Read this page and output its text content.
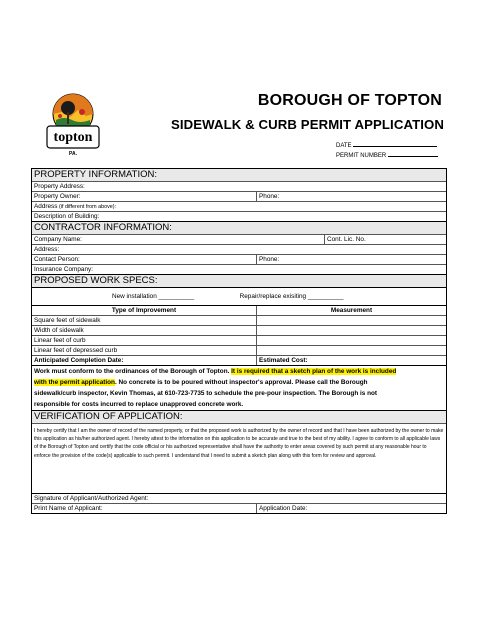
topton
PA.
BOROUGH OF TOPTON
SIDEWALK & CURB PERMIT APPLICATION
DATE
PERMIT NUMBER
PROPERTY INFORMATION:
Property Address:
Property Owner:	Phone:
Address (if different from above):
Description of Building:
CONTRACTOR INFORMATION:
Company Name:	Cont. Lic. No.
Address:
Contact Person:	Phone:
Insurance Company:
PROPOSED WORK SPECS:
New installation __________	Repair/replace exisiting __________
Type of Improvement	Measurement
Square feet of sidewalk
Width of sidewalk
Linear feet of curb
Linear feet of depressed curb
Anticipated Completion Date:	Estimated Cost:
Work must conform to the ordinances of the Borough of Topton. It is required that a sketch plan of the work is included
with the permit application. No concrete is to be poured without inspector's approval. Please call the Borough
sidewalk/curb inspector, Kevin Thomas, at 610-723-7735 to schedule the pre-pour inspection. The Borough is not
responsible for costs incurred to replace unapproved concrete work.
VERIFICATION OF APPLICATION:
I hereby certify that I am the owner of record of the named property, or that the proposed work is authorized by the owner of record and that I have been authorized by the owner to make this application as his/her authorized agent. I hereby attest to the information on this application to be accurate and true to the best of my ability. I agree to conform to all applicable laws of the Borough of Topton and certify that the code official or his authorized representative shall have the authority to enter areas covered by such permit at any reasonable hour to enforce the provision of the code(s) applicable to such permit. I understand that I need to submit a sketch plan along with this form for review and approval.
Signature of Applicant/Authorized Agent:
Print Name of Applicant:	Application Date:
